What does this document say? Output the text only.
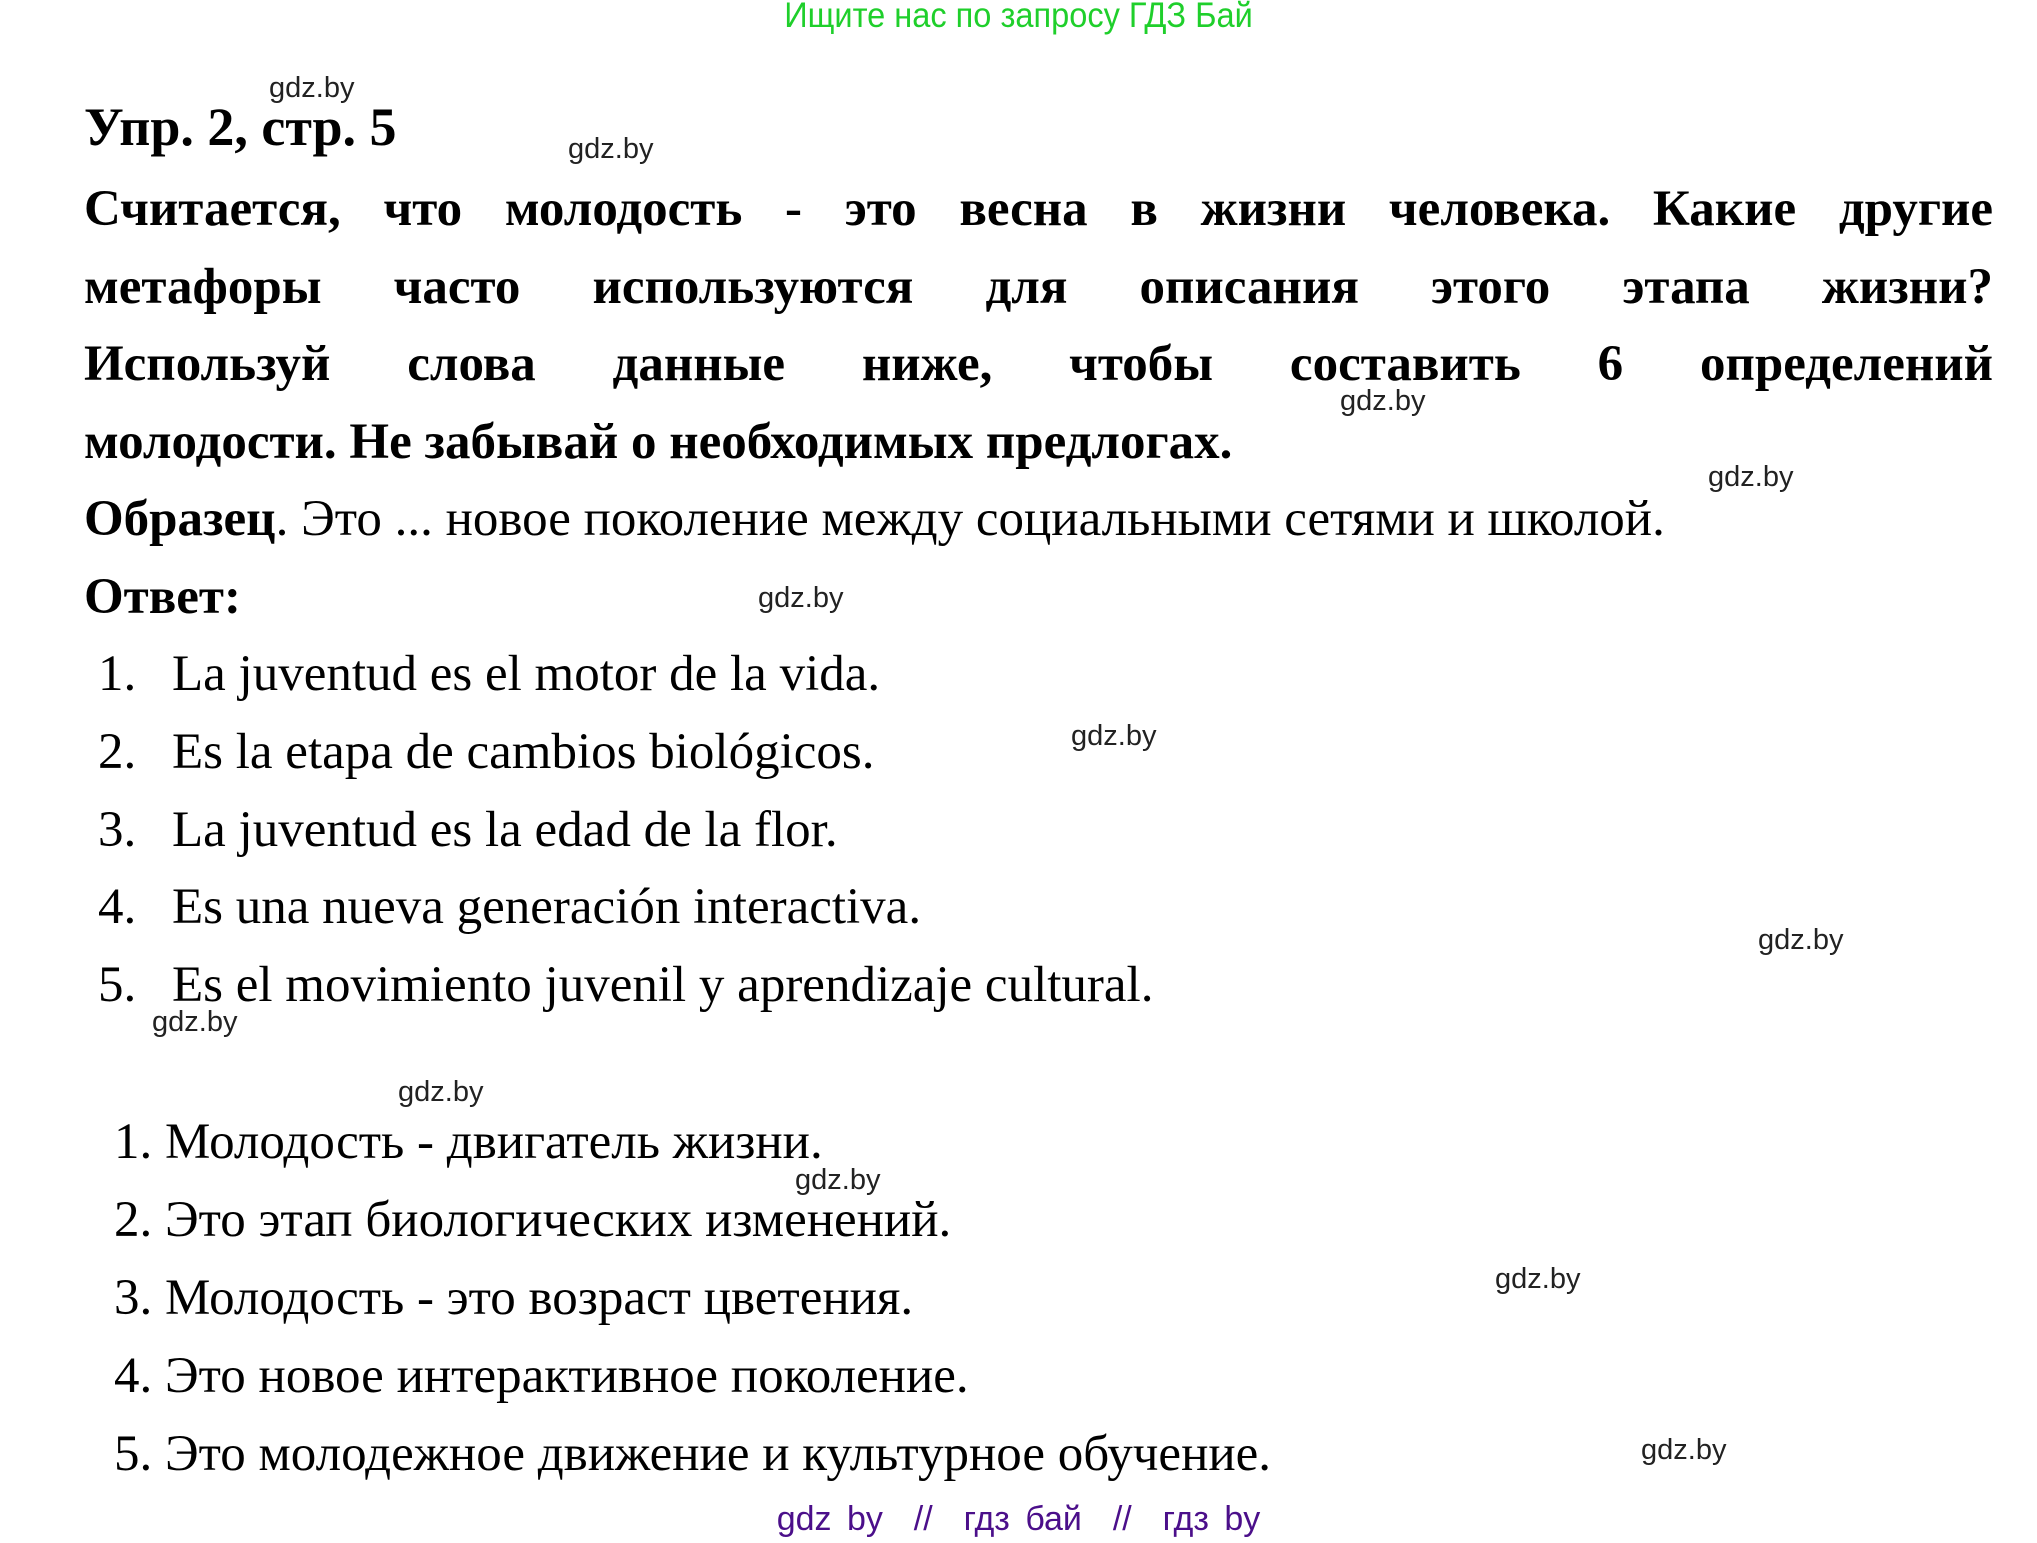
Ищите нас по запросу ГДЗ Бай
Упр. 2, стр. 5
Считается, что молодость - это весна в жизни человека. Какие другие
метафоры часто используются для описания этого этапа жизни?
Используй слова данные ниже, чтобы составить 6 определений
молодости. Не забывай о необходимых предлогах.
Образец. Это ... новое поколение между социальными сетями и школой.
Ответ:
1. La juventud es el motor de la vida.
2. Es la etapa de cambios biológicos.
3. La juventud es la edad de la flor.
4. Es una nueva generación interactiva.
5. Es el movimiento juvenil y aprendizaje cultural.
1. Молодость - двигатель жизни.
2. Это этап биологических изменений.
3. Молодость - это возраст цветения.
4. Это новое интерактивное поколение.
5. Это молодежное движение и культурное обучение.
gdz.by
gdz.by
gdz.by
gdz.by
gdz.by
gdz.by
gdz.by
gdz.by
gdz.by
gdz.by
gdz.by
gdz.by
gdz by  //  гдз бай  //  гдз by
